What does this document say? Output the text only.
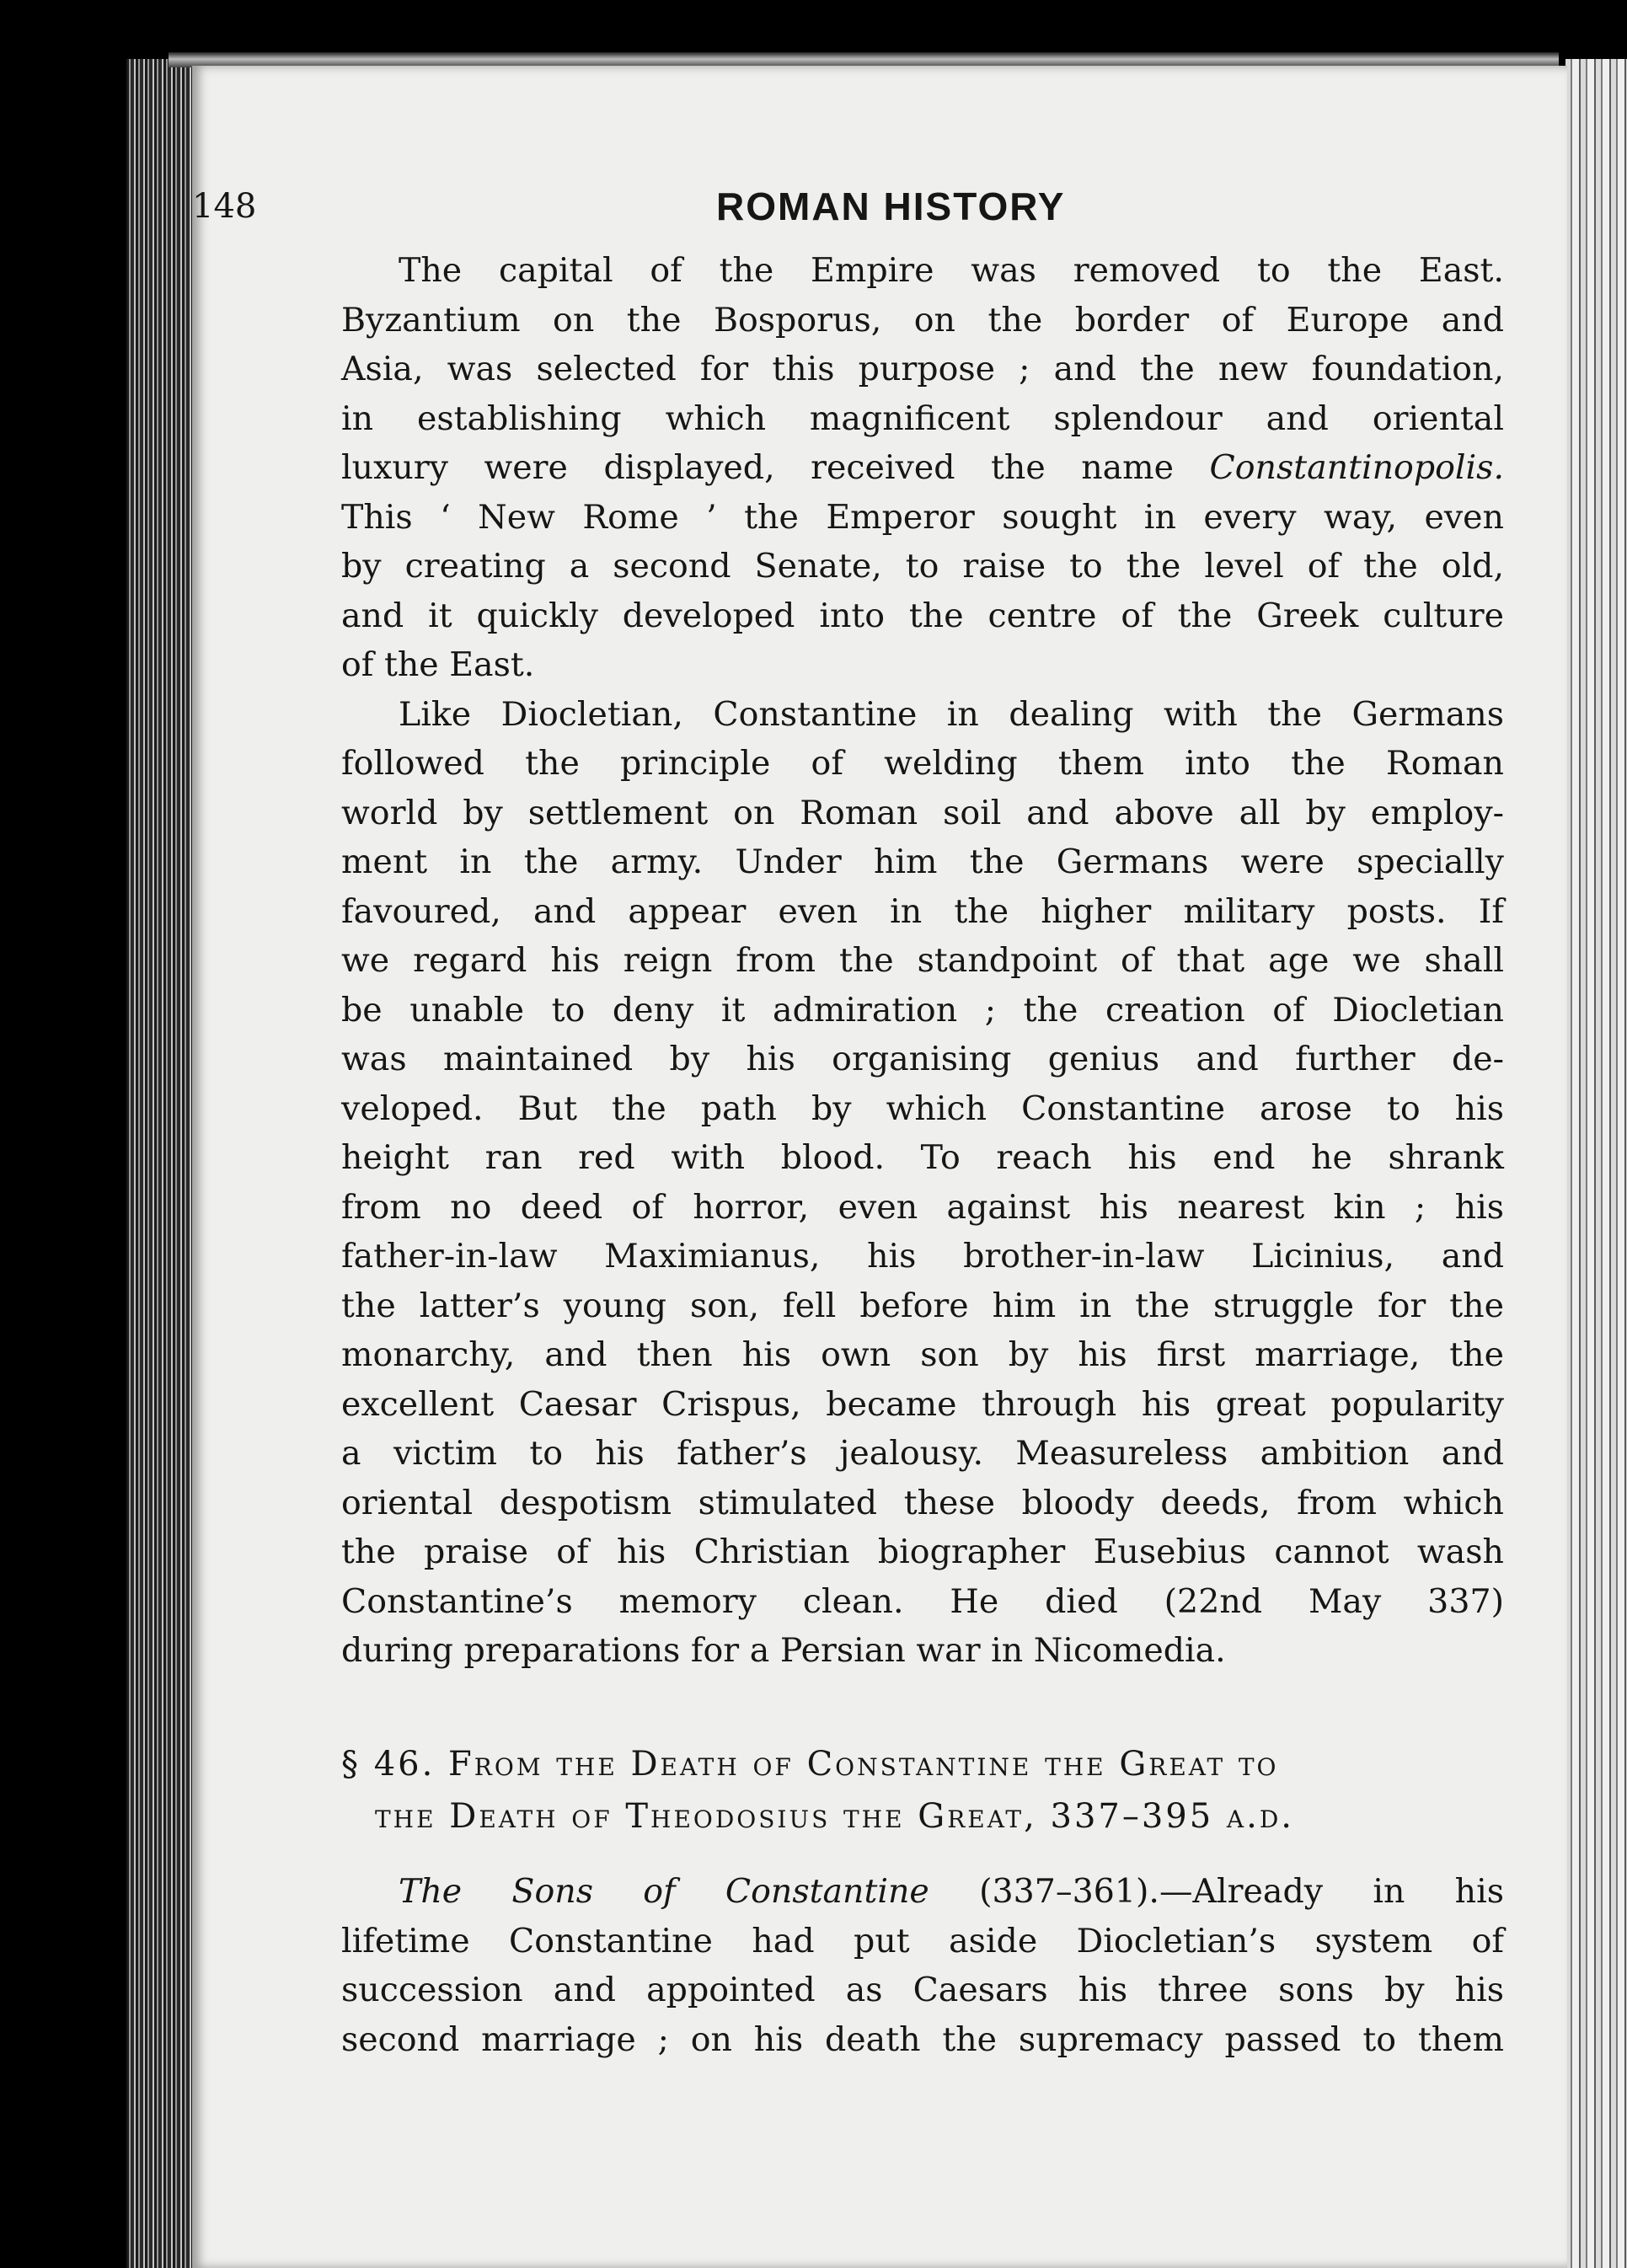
148	ROMAN HISTORY
The capital of the Empire was removed to the East.
Byzantium on the Bosporus, on the border of Europe and
Asia, was selected for this purpose ; and the new foundation,
in establishing which magnificent splendour and oriental
luxury were displayed, received the name Constantinopolis.
This ‘ New Rome ’ the Emperor sought in every way, even
by creating a second Senate, to raise to the level of the old,
and it quickly developed into the centre of the Greek culture
of the East.
Like Diocletian, Constantine in dealing with the Germans
followed the principle of welding them into the Roman
world by settlement on Roman soil and above all by employ-
ment in the army. Under him the Germans were specially
favoured, and appear even in the higher military posts. If
we regard his reign from the standpoint of that age we shall
be unable to deny it admiration ; the creation of Diocletian
was maintained by his organising genius and further de-
veloped. But the path by which Constantine arose to his
height ran red with blood. To reach his end he shrank
from no deed of horror, even against his nearest kin ; his
father-in-law Maximianus, his brother-in-law Licinius, and
the latter’s young son, fell before him in the struggle for the
monarchy, and then his own son by his first marriage, the
excellent Caesar Crispus, became through his great popularity
a victim to his father’s jealousy. Measureless ambition and
oriental despotism stimulated these bloody deeds, from which
the praise of his Christian biographer Eusebius cannot wash
Constantine’s memory clean. He died (22nd May 337)
during preparations for a Persian war in Nicomedia.
§ 46. From the Death of Constantine the Great to
the Death of Theodosius the Great, 337–395 a.d.
The Sons of Constantine (337–361).—Already in his
lifetime Constantine had put aside Diocletian’s system of
succession and appointed as Caesars his three sons by his
second marriage ; on his death the supremacy passed to them
